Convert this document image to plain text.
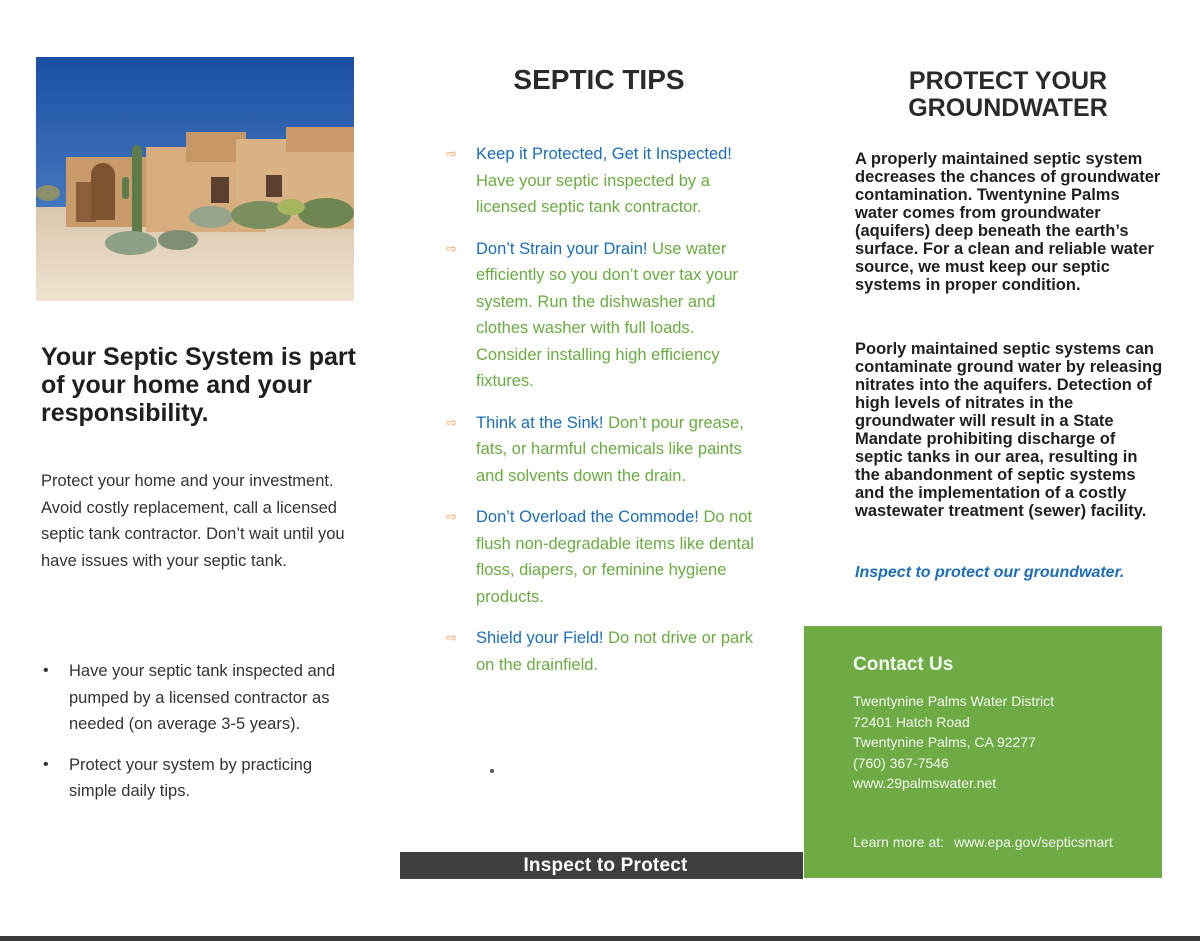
Your Septic System is part of your home and your responsibility.

Protect your home and your investment. Avoid costly replacement, call a licensed septic tank contractor. Don’t wait until you have issues with your septic tank.

• Have your septic tank inspected and pumped by a licensed contractor as needed (on average 3-5 years).
• Protect your system by practicing simple daily tips.
SEPTIC TIPS
⇨ Keep it Protected, Get it Inspected! Have your septic inspected by a licensed septic tank contractor.
⇨ Don’t Strain your Drain! Use water efficiently so you don’t over tax your system. Run the dishwasher and clothes washer with full loads. Consider installing high efficiency fixtures.
⇨ Think at the Sink! Don’t pour grease, fats, or harmful chemicals like paints and solvents down the drain.
⇨ Don’t Overload the Commode! Do not flush non-degradable items like dental floss, diapers, or feminine hygiene products.
⇨ Shield your Field! Do not drive or park on the drainfield.
Inspect to Protect
PROTECT YOUR GROUNDWATER

A properly maintained septic system decreases the chances of groundwater contamination. Twentynine Palms water comes from groundwater (aquifers) deep beneath the earth’s surface. For a clean and reliable water source, we must keep our septic systems in proper condition.

Poorly maintained septic systems can contaminate ground water by releasing nitrates into the aquifers. Detection of high levels of nitrates in the groundwater will result in a State Mandate prohibiting discharge of septic tanks in our area, resulting in the abandonment of septic systems and the implementation of a costly wastewater treatment (sewer) facility.

Inspect to protect our groundwater.

Contact Us
Twentynine Palms Water District
72401 Hatch Road
Twentynine Palms, CA 92277
(760) 367-7546
www.29palmswater.net

Learn more at: www.epa.gov/septicsmart
